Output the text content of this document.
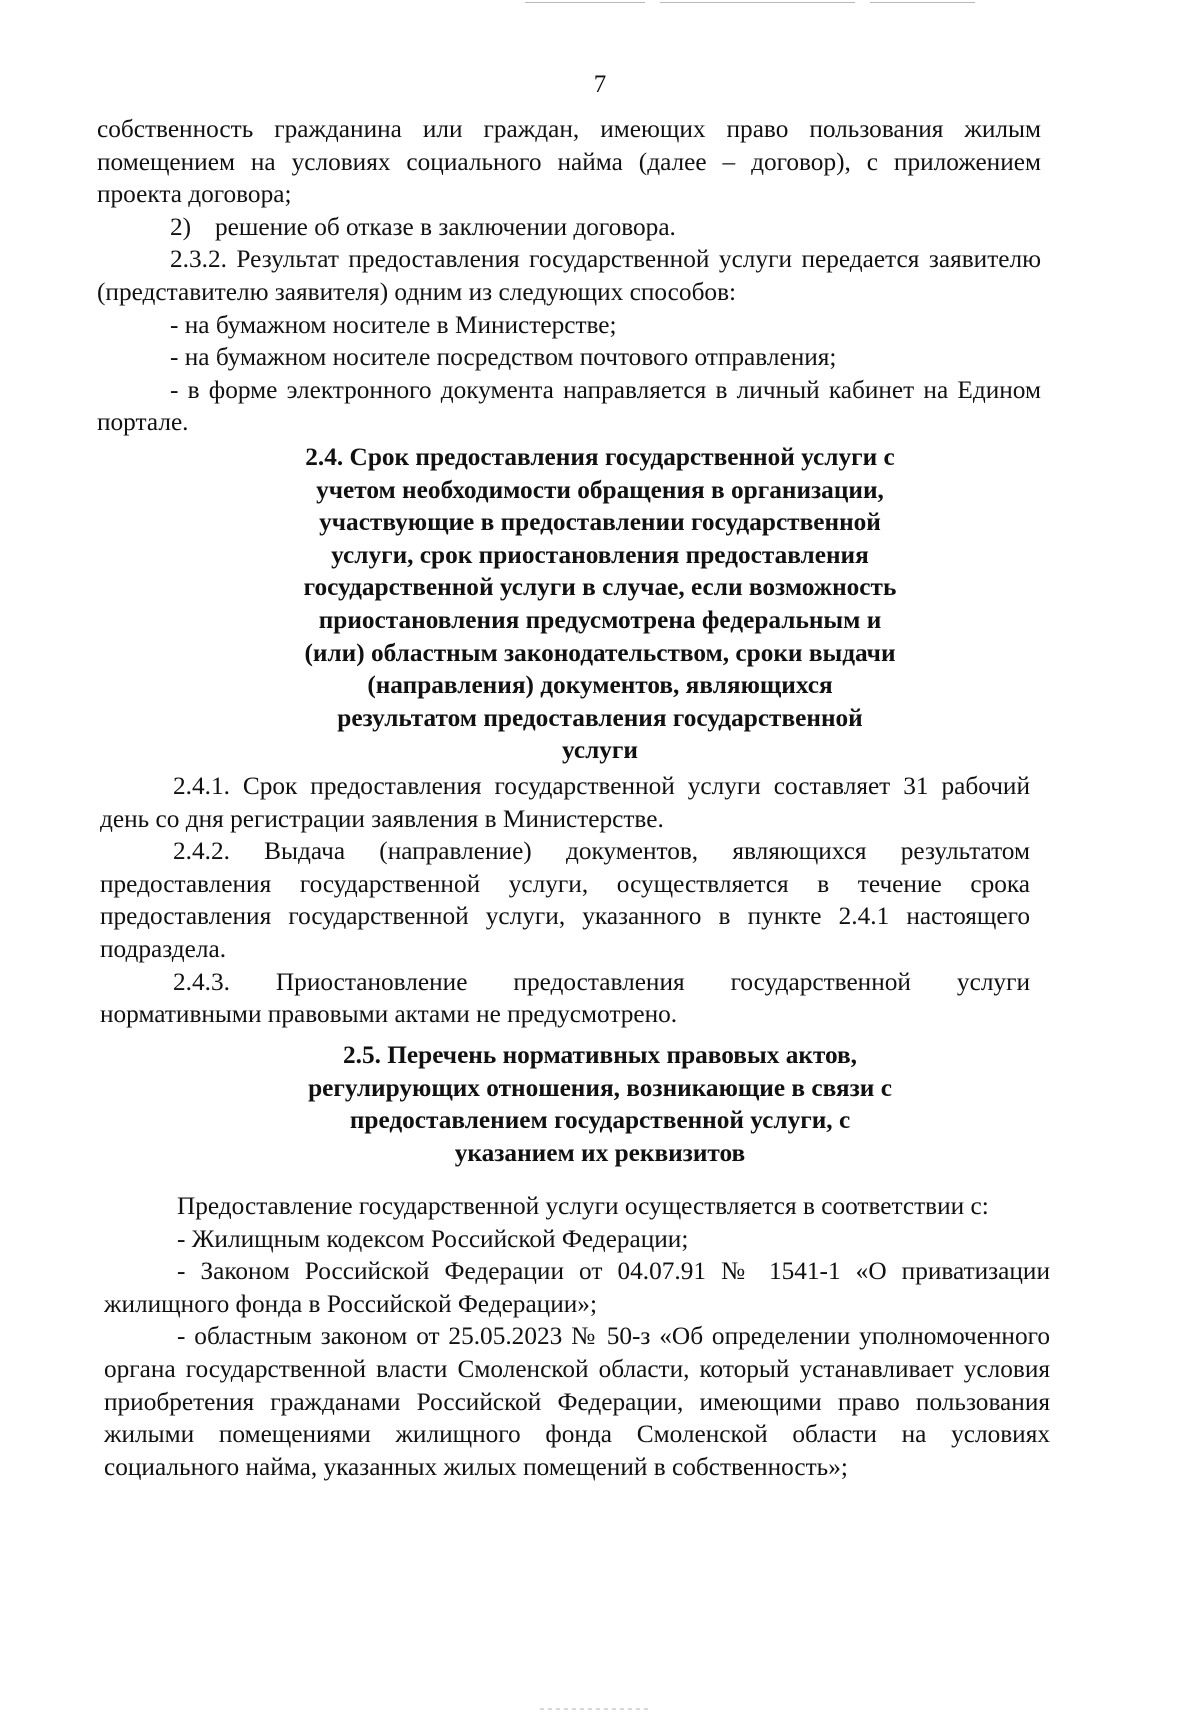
7

собственность гражданина или граждан, имеющих право пользования жилым помещением на условиях социального найма (далее – договор), с приложением проекта договора;

2) решение об отказе в заключении договора.

2.3.2. Результат предоставления государственной услуги передается заявителю (представителю заявителя) одним из следующих способов:

- на бумажном носителе в Министерстве;

- на бумажном носителе посредством почтового отправления;

- в форме электронного документа направляется в личный кабинет на Едином портале.

2.4. Срок предоставления государственной услуги с
учетом необходимости обращения в организации,
участвующие в предоставлении государственной
услуги, срок приостановления предоставления
государственной услуги в случае, если возможность
приостановления предусмотрена федеральным и
(или) областным законодательством, сроки выдачи
(направления) документов, являющихся
результатом предоставления государственной
услуги

2.4.1. Срок предоставления государственной услуги составляет 31 рабочий день со дня регистрации заявления в Министерстве.

2.4.2. Выдача (направление) документов, являющихся результатом предоставления государственной услуги, осуществляется в течение срока предоставления государственной услуги, указанного в пункте 2.4.1 настоящего подраздела.

2.4.3. Приостановление предоставления государственной услуги нормативными правовыми актами не предусмотрено.

2.5. Перечень нормативных правовых актов,
регулирующих отношения, возникающие в связи с
предоставлением государственной услуги, с
указанием их реквизитов

Предоставление государственной услуги осуществляется в соответствии с:

- Жилищным кодексом Российской Федерации;

- Законом Российской Федерации от 04.07.91 № 1541-1 «О приватизации жилищного фонда в Российской Федерации»;

- областным законом от 25.05.2023 № 50-з «Об определении уполномоченного органа государственной власти Смоленской области, который устанавливает условия приобретения гражданами Российской Федерации, имеющими право пользования жилыми помещениями жилищного фонда Смоленской области на условиях социального найма, указанных жилых помещений в собственность»;
